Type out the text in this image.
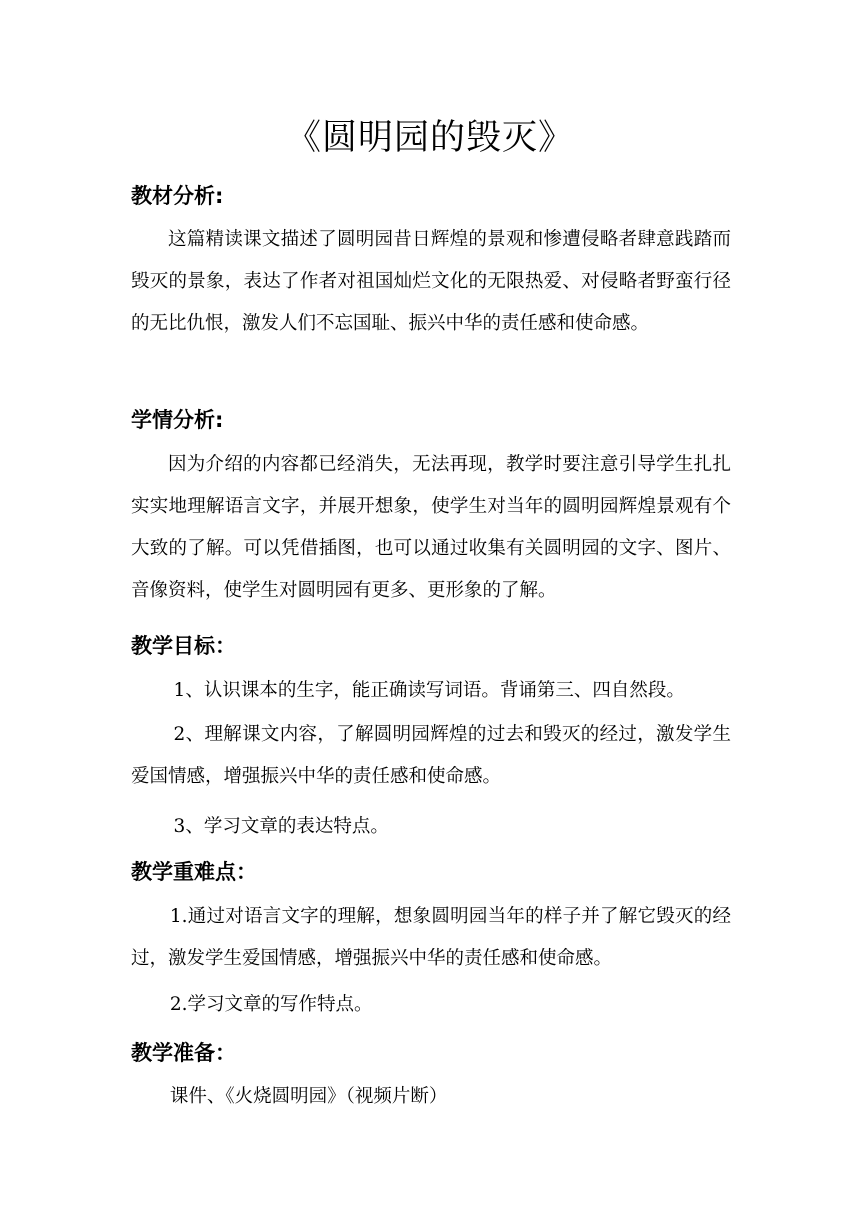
《圆明园的毁灭》
教材分析:

这篇精读课文描述了圆明园昔日辉煌的景观和惨遭侵略者肆意践踏而毁灭的景象，表达了作者对祖国灿烂文化的无限热爱、对侵略者野蛮行径的无比仇恨，激发人们不忘国耻、振兴中华的责任感和使命感。

学情分析:

因为介绍的内容都已经消失，无法再现，教学时要注意引导学生扎扎实实地理解语言文字，并展开想象，使学生对当年的圆明园辉煌景观有个大致的了解。可以凭借插图，也可以通过收集有关圆明园的文字、图片、音像资料，使学生对圆明园有更多、更形象的了解。

教学目标：

1、认识课本的生字，能正确读写词语。背诵第三、四自然段。

2、理解课文内容，了解圆明园辉煌的过去和毁灭的经过，激发学生爱国情感，增强振兴中华的责任感和使命感。

3、学习文章的表达特点。

教学重难点：

1.通过对语言文字的理解，想象圆明园当年的样子并了解它毁灭的经过，激发学生爱国情感，增强振兴中华的责任感和使命感。

2.学习文章的写作特点。

教学准备：

课件、《火烧圆明园》（视频片断）
